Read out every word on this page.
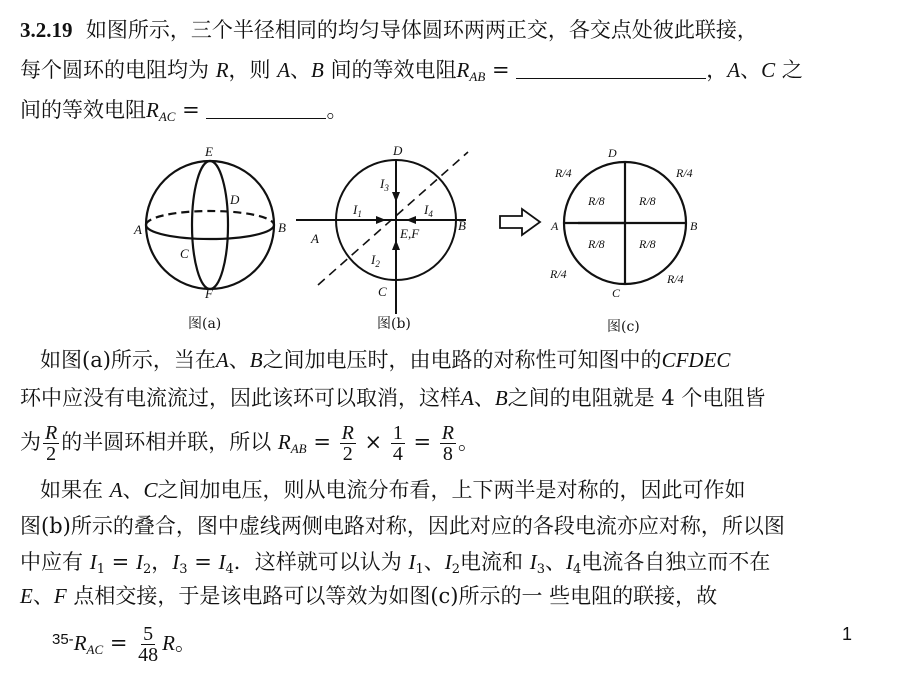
3.2.19 如图所示，三个半径相同的均匀导体圆环两两正交，各交点处彼此联接，
每个圆环的电阻均为 R，则 A、B 间的等效电阻$R_{AB}$ =	，A、C 之
间的等效电阻$R_{AC}$ =	。
E
D
A	B
C
F
D
$I_3$
$I_1$	$I_4$
A	E,F
B
$I_2$
C
D
A	B
C
R/4	R/4
R/4	R/4
R/8	R/8
R/8	R/8
图(a)	图(b)	图(c)
如图(a)所示，当在A、B之间加电压时，由电路的对称性可知图中的CFDEC
环中应没有电流流过，因此该环可以取消，这样A、B之间的电阻就是 4 个电阻皆
为 $\frac{R}{2}$ 的半圆环相并联，所以 $R_{AB} = \frac{R}{2} \times \frac{1}{4} = \frac{R}{8}$ 。
如果在 A、C之间加电压，则从电流分布看，上下两半是对称的，因此可作如
图(b)所示的叠合，图中虚线两侧电路对称，因此对应的各段电流亦应对称，所以图
中应有 $I_1 = I_2$，$I_3 = I_4$．这样就可以认为 $I_1$、$I_2$电流和 $I_3$、$I_4$电流各自独立而不在
E、F 点相交接，于是该电路可以等效为如图(c)所示的一 些电阻的联接，故
$^{35-}R_{AC} = \frac{5}{48}$ R。	1
